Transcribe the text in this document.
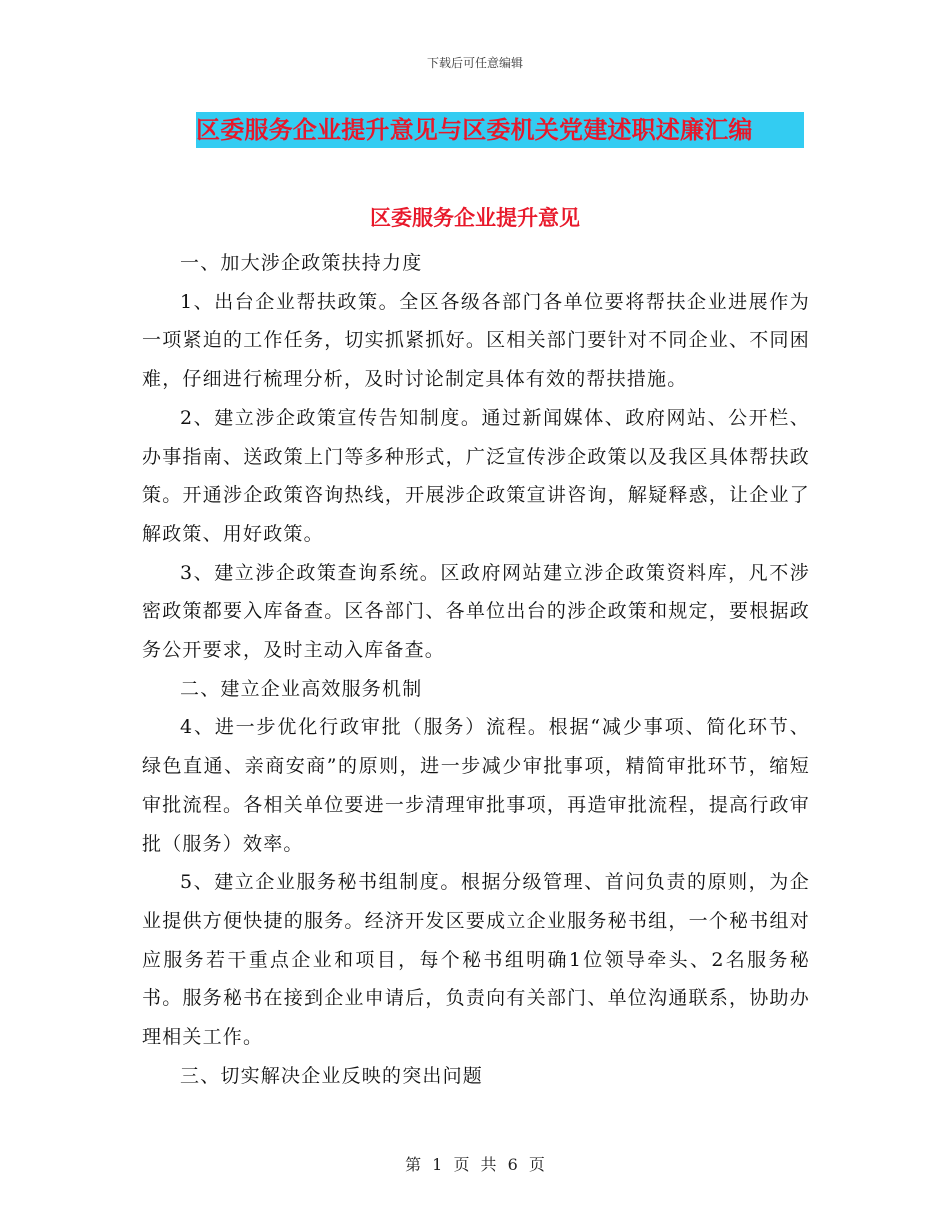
下载后可任意编辑
区委服务企业提升意见与区委机关党建述职述廉汇编
区委服务企业提升意见

一、加大涉企政策扶持力度

1、出台企业帮扶政策。全区各级各部门各单位要将帮扶企业进展作为一项紧迫的工作任务，切实抓紧抓好。区相关部门要针对不同企业、不同困难，仔细进行梳理分析，及时讨论制定具体有效的帮扶措施。

2、建立涉企政策宣传告知制度。通过新闻媒体、政府网站、公开栏、办事指南、送政策上门等多种形式，广泛宣传涉企政策以及我区具体帮扶政策。开通涉企政策咨询热线，开展涉企政策宣讲咨询，解疑释惑，让企业了解政策、用好政策。

3、建立涉企政策查询系统。区政府网站建立涉企政策资料库，凡不涉密政策都要入库备查。区各部门、各单位出台的涉企政策和规定，要根据政务公开要求，及时主动入库备查。

二、建立企业高效服务机制

4、进一步优化行政审批（服务）流程。根据“减少事项、简化环节、绿色直通、亲商安商”的原则，进一步减少审批事项，精简审批环节，缩短审批流程。各相关单位要进一步清理审批事项，再造审批流程，提高行政审批（服务）效率。

5、建立企业服务秘书组制度。根据分级管理、首问负责的原则，为企业提供方便快捷的服务。经济开发区要成立企业服务秘书组，一个秘书组对应服务若干重点企业和项目，每个秘书组明确1位领导牵头、2名服务秘书。服务秘书在接到企业申请后，负责向有关部门、单位沟通联系，协助办理相关工作。

三、切实解决企业反映的突出问题

第 1 页 共 6 页
